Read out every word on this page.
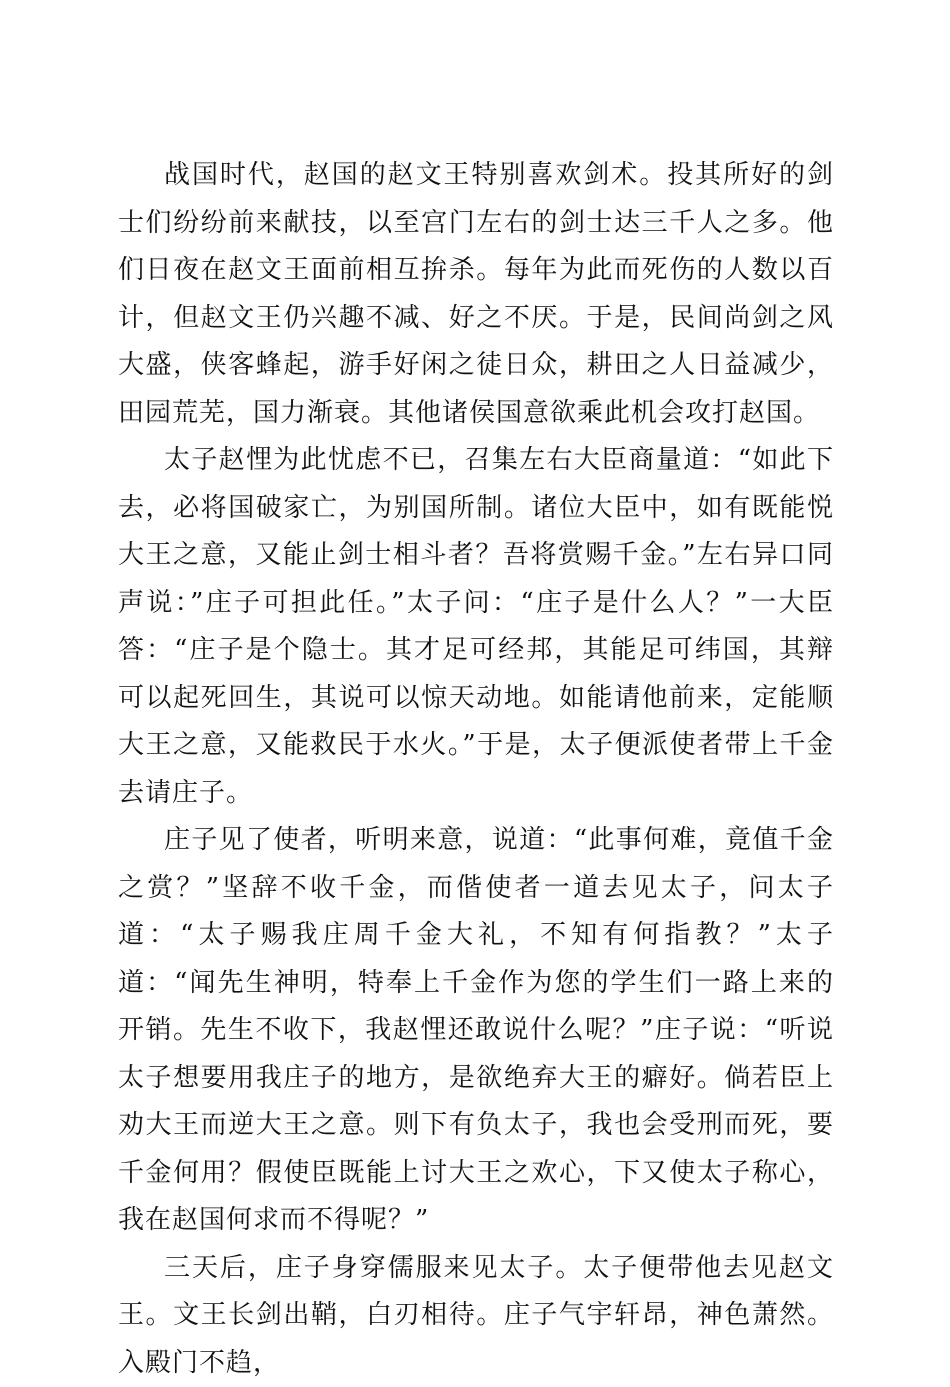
战国时代，赵国的赵文王特别喜欢剑术。投其所好的剑士们纷纷前来献技，以至宫门左右的剑士达三千人之多。他们日夜在赵文王面前相互拚杀。每年为此而死伤的人数以百计，但赵文王仍兴趣不减、好之不厌。于是，民间尚剑之风大盛，侠客蜂起，游手好闲之徒日众，耕田之人日益减少，田园荒芜，国力渐衰。其他诸侯国意欲乘此机会攻打赵国。

太子赵悝为此忧虑不已，召集左右大臣商量道：“如此下去，必将国破家亡，为别国所制。诸位大臣中，如有既能悦大王之意，又能止剑士相斗者？吾将赏赐千金。”左右异口同声说：”庄子可担此任。”太子问：“庄子是什么人？”一大臣答：“庄子是个隐士。其才足可经邦，其能足可纬国，其辩可以起死回生，其说可以惊天动地。如能请他前来，定能顺大王之意，又能救民于水火。”于是，太子便派使者带上千金去请庄子。

庄子见了使者，听明来意，说道：“此事何难，竟值千金之赏？”坚辞不收千金，而偕使者一道去见太子，问太子道：“太子赐我庄周千金大礼，不知有何指教？”太子道：“闻先生神明，特奉上千金作为您的学生们一路上来的开销。先生不收下，我赵悝还敢说什么呢？”庄子说：“听说太子想要用我庄子的地方，是欲绝弃大王的癖好。倘若臣上劝大王而逆大王之意。则下有负太子，我也会受刑而死，要千金何用？假使臣既能上讨大王之欢心，下又使太子称心，我在赵国何求而不得呢？”

三天后，庄子身穿儒服来见太子。太子便带他去见赵文王。文王长剑出鞘，白刃相待。庄子气宇轩昂，神色萧然。入殿门不趋，
